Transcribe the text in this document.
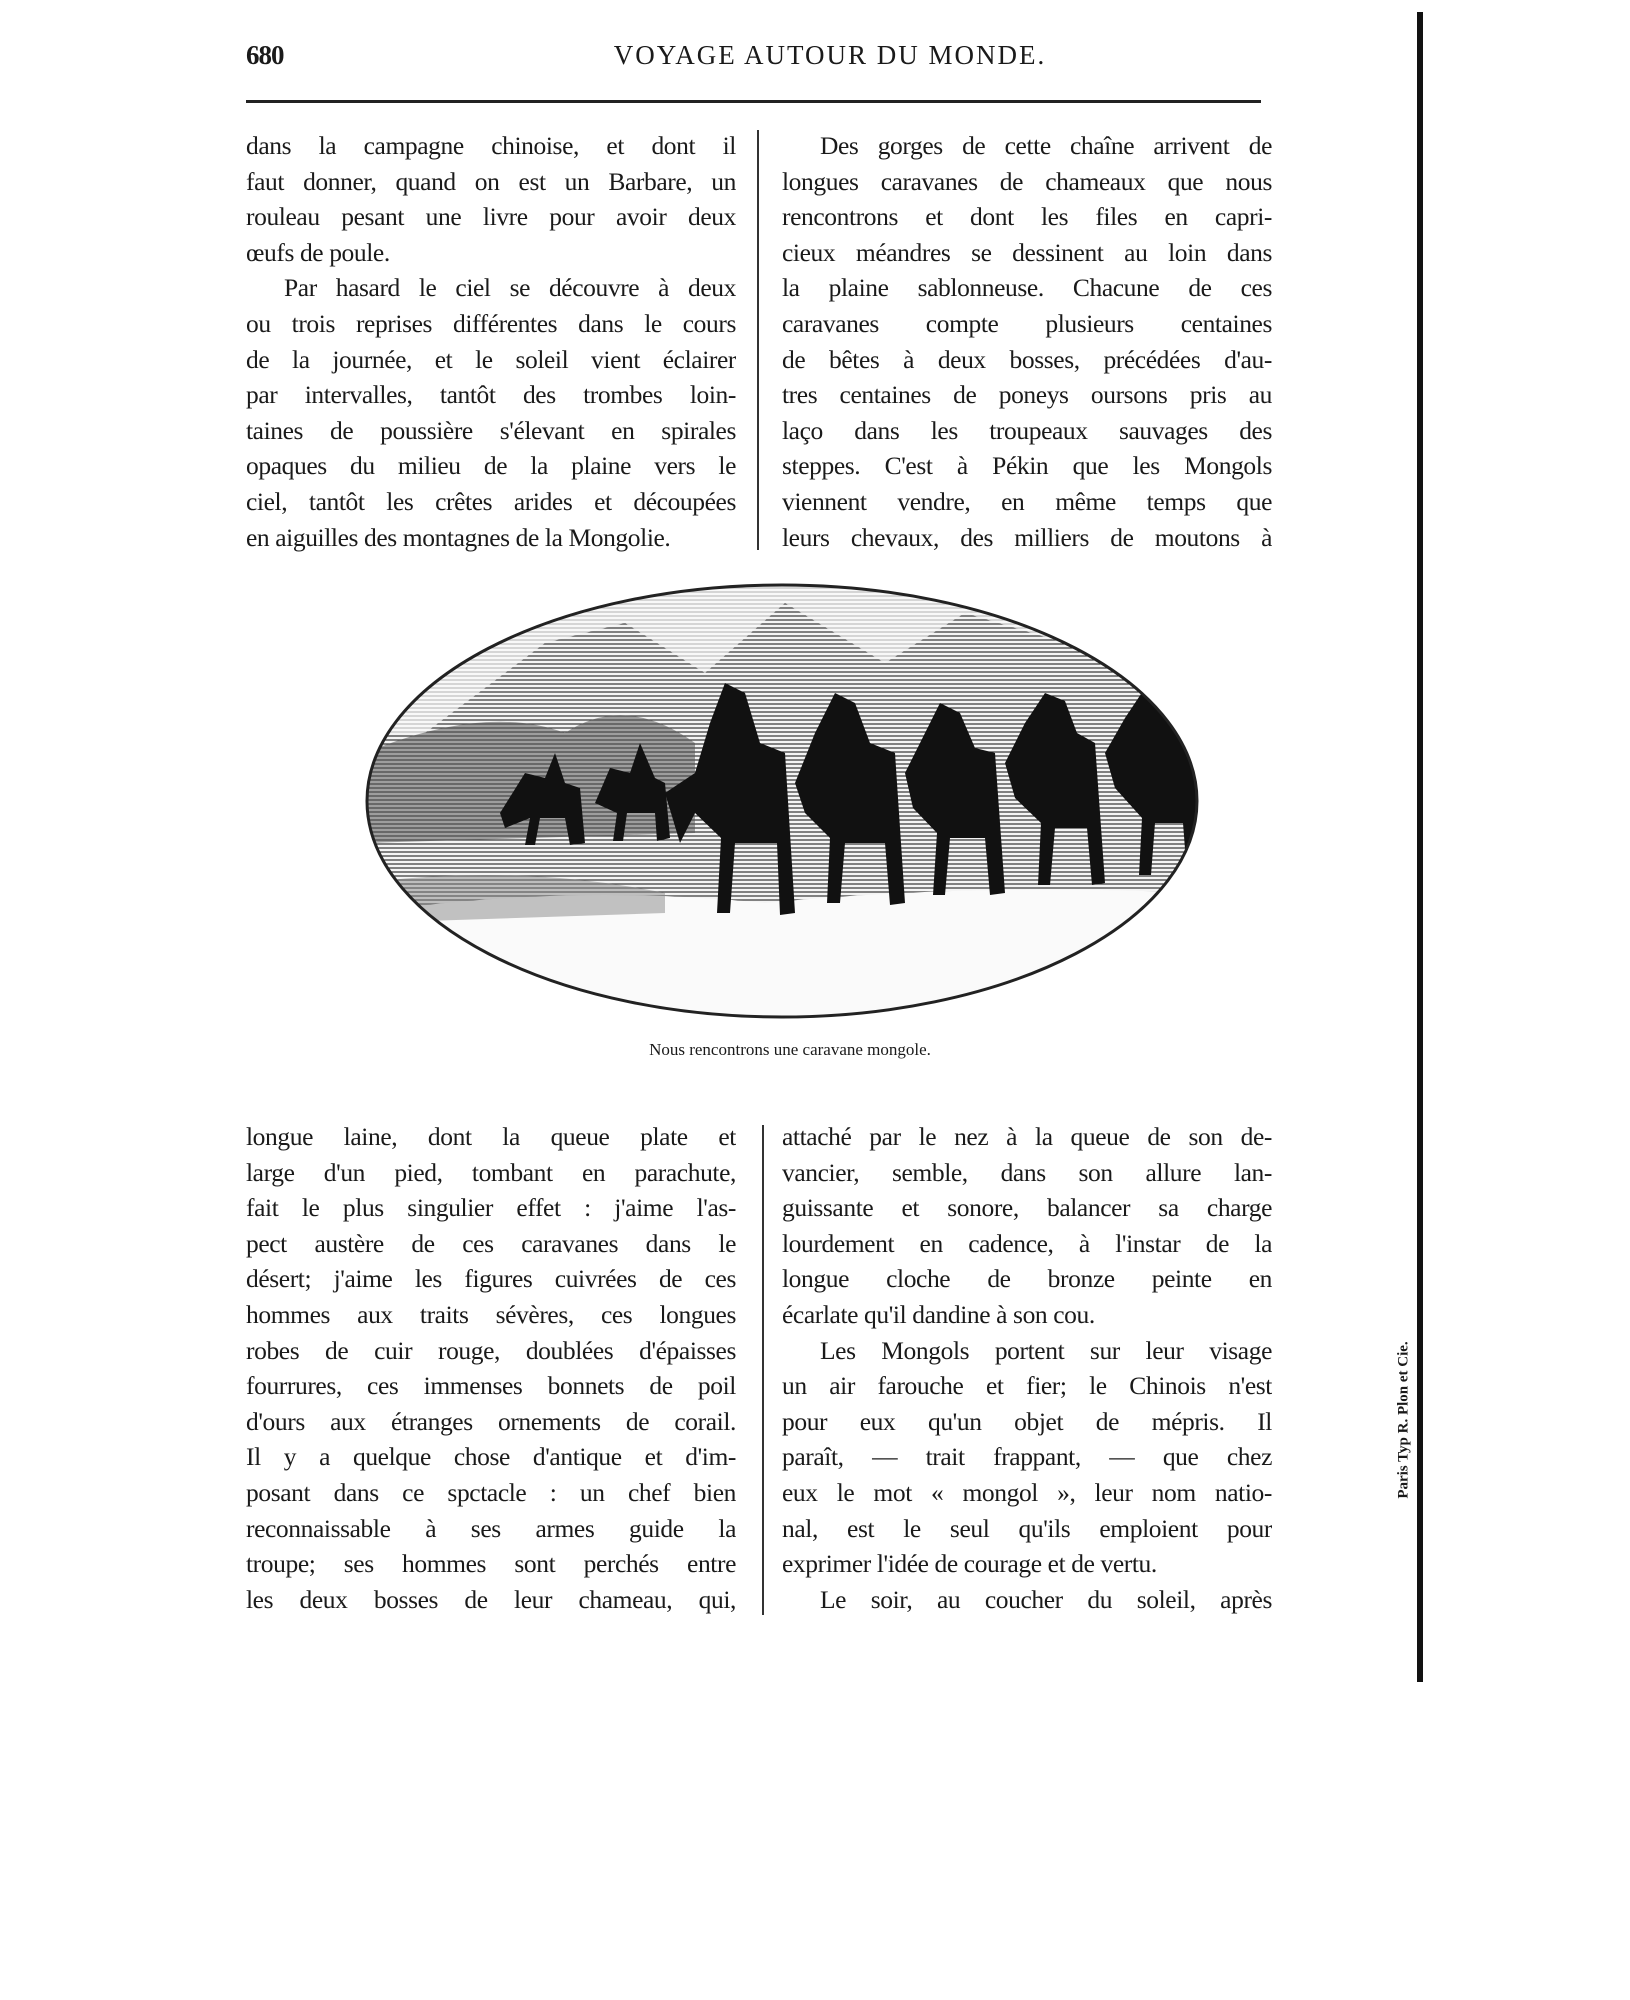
680	VOYAGE AUTOUR DU MONDE.
dans la campagne chinoise, et dont il
faut donner, quand on est un Barbare, un
rouleau pesant une livre pour avoir deux
œufs de poule.
Par hasard le ciel se découvre à deux
ou trois reprises différentes dans le cours
de la journée, et le soleil vient éclairer
par intervalles, tantôt des trombes loin-
taines de poussière s'élevant en spirales
opaques du milieu de la plaine vers le
ciel, tantôt les crêtes arides et découpées
en aiguilles des montagnes de la Mongolie.
Des gorges de cette chaîne arrivent de
longues caravanes de chameaux que nous
rencontrons et dont les files en capri-
cieux méandres se dessinent au loin dans
la plaine sablonneuse. Chacune de ces
caravanes compte plusieurs centaines
de bêtes à deux bosses, précédées d'au-
tres centaines de poneys oursons pris au
laço dans les troupeaux sauvages des
steppes. C'est à Pékin que les Mongols
viennent vendre, en même temps que
leurs chevaux, des milliers de moutons à
Nous rencontrons une caravane mongole.
longue laine, dont la queue plate et
large d'un pied, tombant en parachute,
fait le plus singulier effet : j'aime l'as-
pect austère de ces caravanes dans le
désert; j'aime les figures cuivrées de ces
hommes aux traits sévères, ces longues
robes de cuir rouge, doublées d'épaisses
fourrures, ces immenses bonnets de poil
d'ours aux étranges ornements de corail.
Il y a quelque chose d'antique et d'im-
posant dans ce spctacle : un chef bien
reconnaissable à ses armes guide la
troupe; ses hommes sont perchés entre
les deux bosses de leur chameau, qui,
attaché par le nez à la queue de son de-
vancier, semble, dans son allure lan-
guissante et sonore, balancer sa charge
lourdement en cadence, à l'instar de la
longue cloche de bronze peinte en
écarlate qu'il dandine à son cou.
Les Mongols portent sur leur visage
un air farouche et fier; le Chinois n'est
pour eux qu'un objet de mépris. Il
paraît, — trait frappant, — que chez
eux le mot « mongol », leur nom natio-
nal, est le seul qu'ils emploient pour
exprimer l'idée de courage et de vertu.
Le soir, au coucher du soleil, après
Paris Typ R. Plon et Cie.
